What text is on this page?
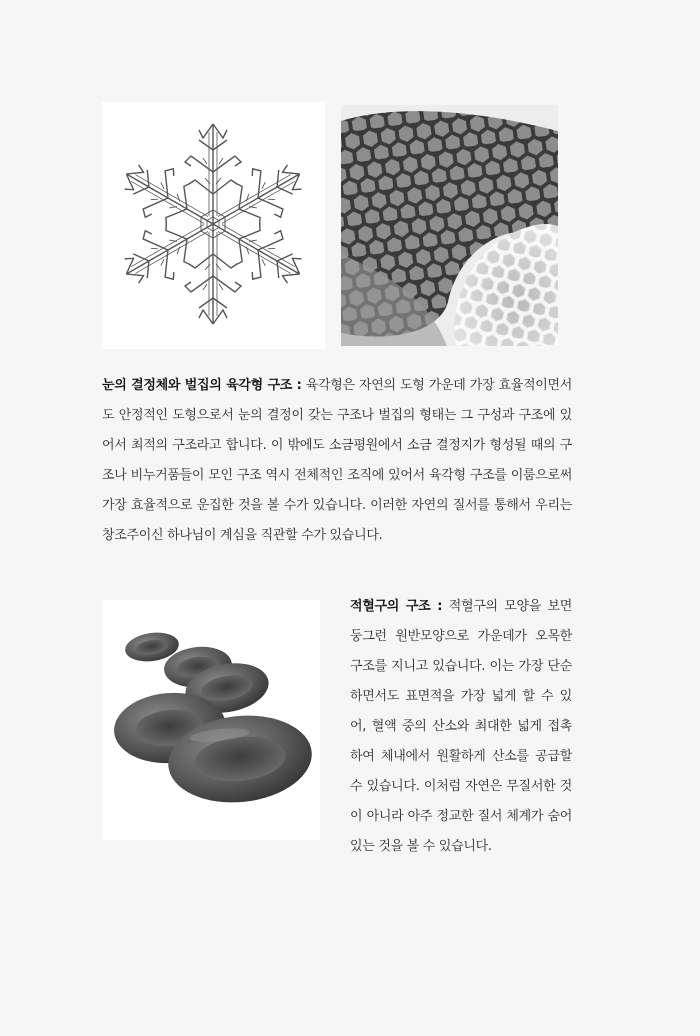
눈의 결정체와 벌집의 육각형 구조 : 육각형은 자연의 도형 가운데 가장 효율적이면서도 안정적인 도형으로서 눈의 결정이 갖는 구조나 벌집의 형태는 그 구성과 구조에 있어서 최적의 구조라고 합니다. 이 밖에도 소금평원에서 소금 결정지가 형성될 때의 구조나 비누거품들이 모인 구조 역시 전체적인 조직에 있어서 육각형 구조를 이룸으로써 가장 효율적으로 운집한 것을 볼 수가 있습니다. 이러한 자연의 질서를 통해서 우리는 창조주이신 하나님이 계심을 직관할 수가 있습니다.

적혈구의 구조 : 적혈구의 모양을 보면 둥그런 원반모양으로 가운데가 오목한 구조를 지니고 있습니다. 이는 가장 단순하면서도 표면적을 가장 넓게 할 수 있어, 혈액 중의 산소와 최대한 넓게 접촉하여 체내에서 원활하게 산소를 공급할 수 있습니다. 이처럼 자연은 무질서한 것이 아니라 아주 정교한 질서 체계가 숨어 있는 것을 볼 수 있습니다.
